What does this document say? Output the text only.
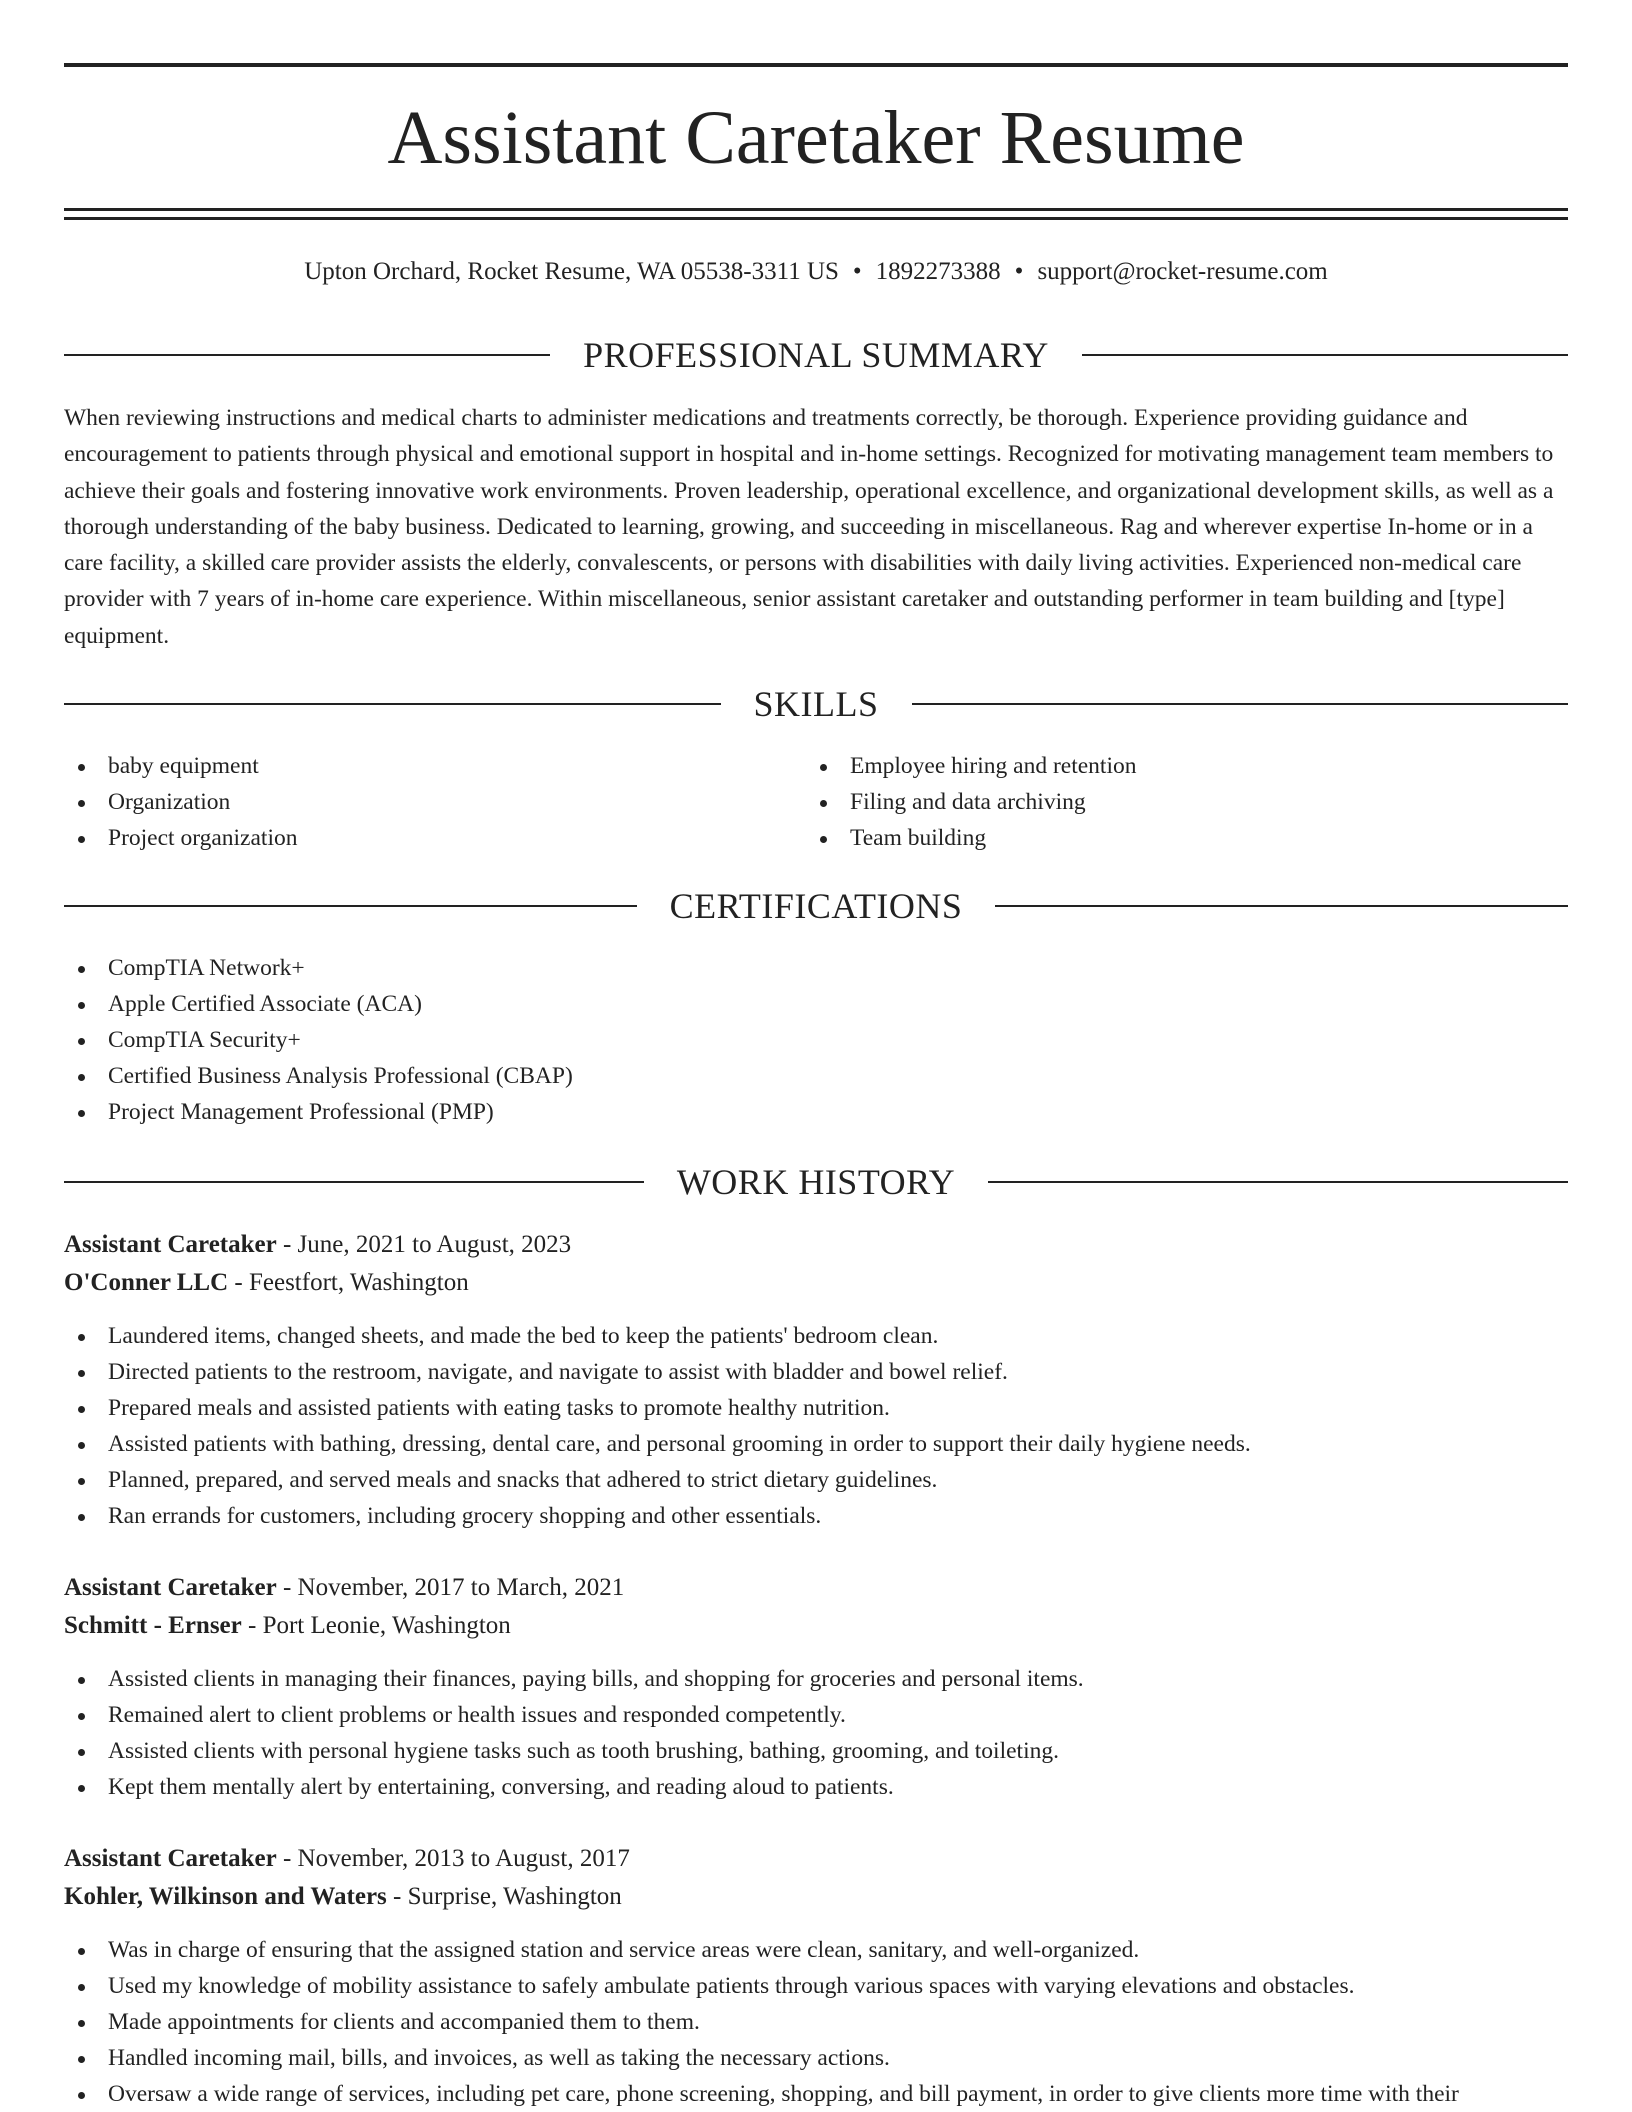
Assistant Caretaker Resume
Upton Orchard, Rocket Resume, WA 05538-3311 US • 1892273388 • support@rocket-resume.com
PROFESSIONAL SUMMARY

When reviewing instructions and medical charts to administer medications and treatments correctly, be thorough. Experience providing guidance and encouragement to patients through physical and emotional support in hospital and in-home settings. Recognized for motivating management team members to achieve their goals and fostering innovative work environments. Proven leadership, operational excellence, and organizational development skills, as well as a thorough understanding of the baby business. Dedicated to learning, growing, and succeeding in miscellaneous. Rag and wherever expertise In-home or in a care facility, a skilled care provider assists the elderly, convalescents, or persons with disabilities with daily living activities. Experienced non-medical care provider with 7 years of in-home care experience. Within miscellaneous, senior assistant caretaker and outstanding performer in team building and [type] equipment.

SKILLS
baby equipment
Organization
Project organization
Employee hiring and retention
Filing and data archiving
Team building
CERTIFICATIONS
CompTIA Network+
Apple Certified Associate (ACA)
CompTIA Security+
Certified Business Analysis Professional (CBAP)
Project Management Professional (PMP)
WORK HISTORY
Assistant Caretaker - June, 2021 to August, 2023
O'Conner LLC - Feestfort, Washington
Laundered items, changed sheets, and made the bed to keep the patients' bedroom clean.
Directed patients to the restroom, navigate, and navigate to assist with bladder and bowel relief.
Prepared meals and assisted patients with eating tasks to promote healthy nutrition.
Assisted patients with bathing, dressing, dental care, and personal grooming in order to support their daily hygiene needs.
Planned, prepared, and served meals and snacks that adhered to strict dietary guidelines.
Ran errands for customers, including grocery shopping and other essentials.
Assistant Caretaker - November, 2017 to March, 2021
Schmitt - Ernser - Port Leonie, Washington
Assisted clients in managing their finances, paying bills, and shopping for groceries and personal items.
Remained alert to client problems or health issues and responded competently.
Assisted clients with personal hygiene tasks such as tooth brushing, bathing, grooming, and toileting.
Kept them mentally alert by entertaining, conversing, and reading aloud to patients.
Assistant Caretaker - November, 2013 to August, 2017
Kohler, Wilkinson and Waters - Surprise, Washington
Was in charge of ensuring that the assigned station and service areas were clean, sanitary, and well-organized.
Used my knowledge of mobility assistance to safely ambulate patients through various spaces with varying elevations and obstacles.
Made appointments for clients and accompanied them to them.
Handled incoming mail, bills, and invoices, as well as taking the necessary actions.
Oversaw a wide range of services, including pet care, phone screening, shopping, and bill payment, in order to give clients more time with their
